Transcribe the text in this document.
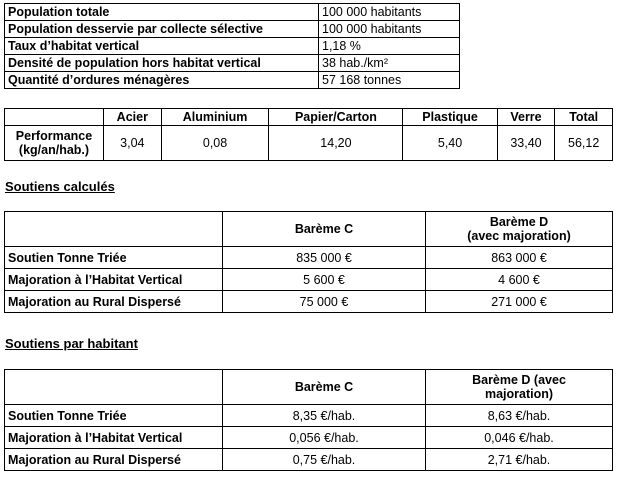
Population totale	100 000 habitants
Population desservie par collecte sélective	100 000 habitants
Taux d’habitat vertical	1,18 %
Densité de population hors habitat vertical	38 hab./km²
Quantité d’ordures ménagères	57 168 tonnes
	Acier	Aluminium	Papier/Carton	Plastique	Verre	Total

Performance
(kg/an/hab.)	3,04	0,08	14,20	5,40	33,40	56,12
Soutiens calculés
	Barème C	Barème D
(avec majoration)

Soutien Tonne Triée	835 000 €	863 000 €
Majoration à l’Habitat Vertical	5 600 €	4 600 €
Majoration au Rural Dispersé	75 000 €	271 000 €
Soutiens par habitant
	Barème C	Barème D (avec
majoration)

Soutien Tonne Triée	8,35 €/hab.	8,63 €/hab.
Majoration à l’Habitat Vertical	0,056 €/hab.	0,046 €/hab.
Majoration au Rural Dispersé	0,75 €/hab.	2,71 €/hab.
